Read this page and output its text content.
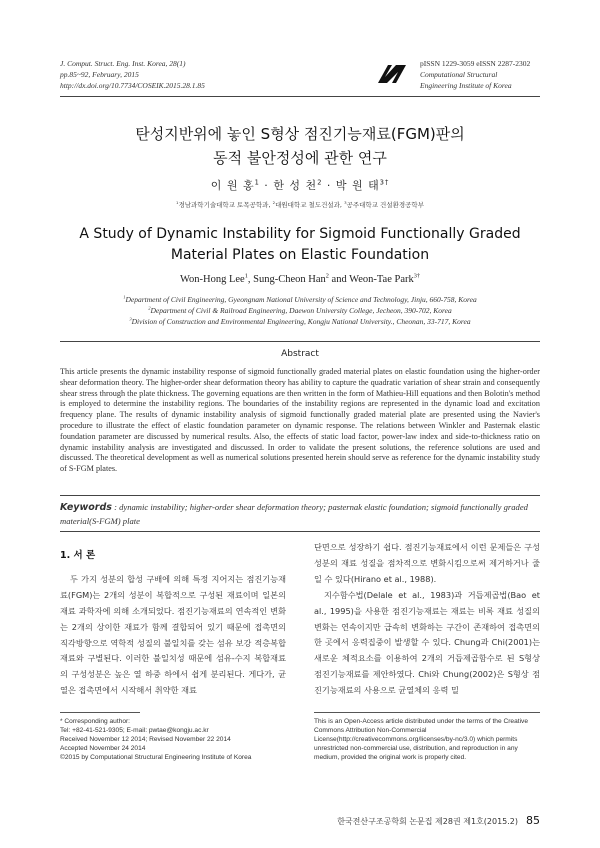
J. Comput. Struct. Eng. Inst. Korea, 28(1)
pp.85~92, February, 2015
http://dx.doi.org/10.7734/COSEIK.2015.28.1.85
pISSN 1229-3059 eISSN 2287-2302
Computational Structural
Engineering Institute of Korea
탄성지반위에 놓인 S형상 점진기능재료(FGM)판의
동적 불안정성에 관한 연구
이 원 홍$^1$ · 한 성 천$^2$ · 박 원 태$^{3\dagger}$
$^1$경남과학기술대학교 토목공학과, $^2$대원대학교 철도건설과, $^3$공주대학교 건설환경공학부
A Study of Dynamic Instability for Sigmoid Functionally Graded
Material Plates on Elastic Foundation
Won-Hong Lee$^1$, Sung-Cheon Han$^2$ and Weon-Tae Park$^{3\dagger}$
$^1$Department of Civil Engineering, Gyeongnam National University of Science and Technology, Jinju, 660-758, Korea
$^2$Department of Civil & Railroad Engineering, Daewon University College, Jecheon, 390-702, Korea
$^3$Division of Construction and Environmental Engineering, Kongju National University., Cheonan, 33-717, Korea
Abstract

This article presents the dynamic instability response of sigmoid functionally graded material plates on elastic foundation using the higher-order shear deformation theory. The higher-order shear deformation theory has ability to capture the quadratic variation of shear strain and consequently shear stress through the plate thickness. The governing equations are then written in the form of Mathieu-Hill equations and then Bolotin's method is employed to determine the instability regions. The boundaries of the instability regions are represented in the dynamic load and excitation frequency plane. The results of dynamic instability analysis of sigmoid functionally graded material plate are presented using the Navier's procedure to illustrate the effect of elastic foundation parameter on dynamic response. The relations between Winkler and Pasternak elastic foundation parameter are discussed by numerical results. Also, the effects of static load factor, power-law index and side-to-thickness ratio on dynamic instability analysis are investigated and discussed. In order to validate the present solutions, the reference solutions are used and discussed. The theoretical development as well as numerical solutions presented herein should serve as reference for the dynamic instability study of S-FGM plates.

Keywords : dynamic instability; higher-order shear deformation theory; pasternak elastic foundation; sigmoid functionally graded material(S-FGM) plate

1. 서 론

두 가지 성분의 합성 구배에 의해 특정 지어지는 점진기능재료(FGM)는 2개의 성분이 복합적으로 구성된 재료이며 일본의 재료 과학자에 의해 소개되었다. 점진기능재료의 연속적인 변화는 2개의 상이한 재료가 함께 결합되어 있기 때문에 접촉면의 직각방향으로 역학적 성질의 불일치를 갖는 섬유 보강 적층복합재료와 구별된다. 이러한 불일치성 때문에 섬유-수지 복합재료의 구성성분은 높은 열 하중 하에서 쉽게 분리된다. 게다가, 균열은 접촉면에서 시작해서 취약한 재료

단면으로 성장하기 쉽다. 점진기능재료에서 이런 문제들은 구성성분의 재료 성질을 점차적으로 변화시킴으로써 제거하거나 줄일 수 있다(Hirano et al., 1988).

지수함수법(Delale et al., 1983)과 거듭제곱법(Bao et al., 1995)을 사용한 점진기능재료는 재료는 비록 재료 성질의 변화는 연속이지만 급속히 변화하는 구간이 존재하여 접촉면의 한 곳에서 응력집중이 발생할 수 있다. Chung과 Chi(2001)는 새로운 체적요소를 이용하여 2개의 거듭제곱함수로 된 S형상 점진기능재료를 제안하였다. Chi와 Chung(2002)은 S형상 점진기능재료의 사용으로 균열체의 응력 밀

* Corresponding author:

Tel: +82-41-521-9305; E-mail: pwtae@kongju.ac.kr

Received November 12 2014; Revised November 22 2014

Accepted November 24 2014

©2015 by Computational Structural Engineering Institute of Korea

This is an Open-Access article distributed under the terms of the Creative Commons Attribution Non-Commercial License(http://creativecommons.org/licenses/by-nc/3.0) which permits unrestricted non-commercial use, distribution, and reproduction in any medium, provided the original work is properly cited.

한국전산구조공학회 논문집 제28권 제1호(2015.2) 85
